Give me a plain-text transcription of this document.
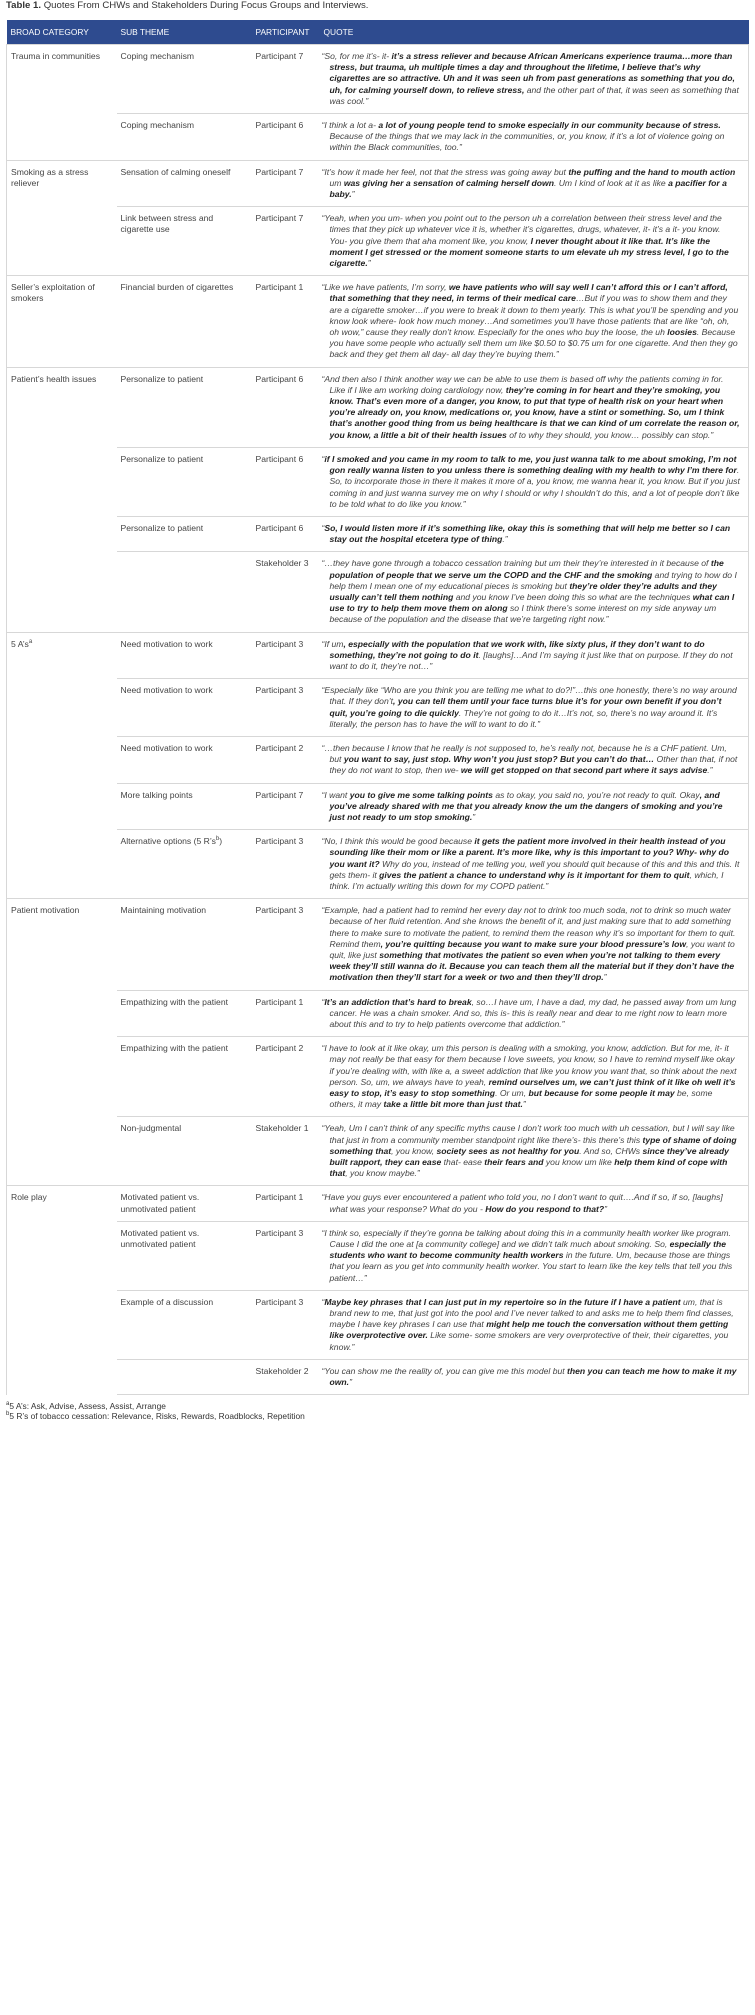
Table 1. Quotes From CHWs and Stakeholders During Focus Groups and Interviews.
BROAD CATEGORY	SUB THEME	PARTICIPANT	QUOTE
Trauma in communities	Coping mechanism	Participant 7	“So, for me it’s- it- it’s a stress reliever and because African Americans experience trauma…more than stress, but trauma, uh multiple times a day and throughout the lifetime, I believe that’s why cigarettes are so attractive. Uh and it was seen uh from past generations as something that you do, uh, for calming yourself down, to relieve stress, and the other part of that, it was seen as something that was cool.”
	Coping mechanism	Participant 6	“I think a lot a- a lot of young people tend to smoke especially in our community because of stress. Because of the things that we may lack in the communities, or, you know, if it’s a lot of violence going on within the Black communities, too.”
Smoking as a stress reliever	Sensation of calming oneself	Participant 7	“It’s how it made her feel, not that the stress was going away but the puffing and the hand to mouth action um was giving her a sensation of calming herself down. Um I kind of look at it as like a pacifier for a baby.”
	Link between stress and cigarette use	Participant 7	“Yeah, when you um- when you point out to the person uh a correlation between their stress level and the times that they pick up whatever vice it is, whether it’s cigarettes, drugs, whatever, it- it’s a it- you know. You- you give them that aha moment like, you know, I never thought about it like that. It’s like the moment I get stressed or the moment someone starts to um elevate uh my stress level, I go to the cigarette.”
Seller’s exploitation of smokers	Financial burden of cigarettes	Participant 1	“Like we have patients, I’m sorry, we have patients who will say well I can’t afford this or I can’t afford, that something that they need, in terms of their medical care…But if you was to show them and they are a cigarette smoker…if you were to break it down to them yearly. This is what you’ll be spending and you know look where- look how much money…And sometimes you’ll have those patients that are like “oh, oh, oh wow,” cause they really don’t know. Especially for the ones who buy the loose, the uh loosies. Because you have some people who actually sell them um like $0.50 to $0.75 um for one cigarette. And then they go back and they get them all day- all day they’re buying them.”
Patient’s health issues	Personalize to patient	Participant 6	“And then also I think another way we can be able to use them is based off why the patients coming in for. Like if I like am working doing cardiology now, they’re coming in for heart and they’re smoking, you know. That’s even more of a danger, you know, to put that type of health risk on your heart when you’re already on, you know, medications or, you know, have a stint or something. So, um I think that’s another good thing from us being healthcare is that we can kind of um correlate the reason or, you know, a little a bit of their health issues of to why they should, you know… possibly can stop.”
	Personalize to patient	Participant 6	“if I smoked and you came in my room to talk to me, you just wanna talk to me about smoking, I’m not gon really wanna listen to you unless there is something dealing with my health to why I’m there for. So, to incorporate those in there it makes it more of a, you know, me wanna hear it, you know. But if you just coming in and just wanna survey me on why I should or why I shouldn’t do this, and a lot of people don’t like to be told what to do like you know.”
	Personalize to patient	Participant 6	“So, I would listen more if it’s something like, okay this is something that will help me better so I can stay out the hospital etcetera type of thing.”
		Stakeholder 3	“…they have gone through a tobacco cessation training but um their they’re interested in it because of the population of people that we serve um the COPD and the CHF and the smoking and trying to how do I help them I mean one of my educational pieces is smoking but they’re older they’re adults and they usually can’t tell them nothing and you know I’ve been doing this so what are the techniques what can I use to try to help them move them on along so I think there’s some interest on my side anyway um because of the population and the disease that we’re targeting right now.”
5 $A’s^a$	Need motivation to work	Participant 3	“If um, especially with the population that we work with, like sixty plus, if they don’t want to do something, they’re not going to do it. [laughs]…And I’m saying it just like that on purpose. If they do not want to do it, they’re not…”
	Need motivation to work	Participant 3	“Especially like “Who are you think you are telling me what to do?!”…this one honestly, there’s no way around that. If they don’t, you can tell them until your face turns blue it’s for your own benefit if you don’t quit, you’re going to die quickly. They’re not going to do it…It’s not, so, there’s no way around it. It’s literally, the person has to have the will to want to do it.”
	Need motivation to work	Participant 2	“…then because I know that he really is not supposed to, he’s really not, because he is a CHF patient. Um, but you want to say, just stop. Why won’t you just stop? But you can’t do that… Other than that, if not they do not want to stop, then we- we will get stopped on that second part where it says advise.”
	More talking points	Participant 7	“I want you to give me some talking points as to okay, you said no, you’re not ready to quit. Okay, and you’ve already shared with me that you already know the um the dangers of smoking and you’re just not ready to um stop smoking.”
	Alternative options (5 $R’s^b$)	Participant 3	“No, I think this would be good because it gets the patient more involved in their health instead of you sounding like their mom or like a parent. It’s more like, why is this important to you? Why- why do you want it? Why do you, instead of me telling you, well you should quit because of this and this and this. It gets them- it gives the patient a chance to understand why is it important for them to quit, which, I think. I’m actually writing this down for my COPD patient.”
Patient motivation	Maintaining motivation	Participant 3	“Example, had a patient had to remind her every day not to drink too much soda, not to drink so much water because of her fluid retention. And she knows the benefit of it, and just making sure that to add something there to make sure to motivate the patient, to remind them the reason why it’s so important for them to quit. Remind them, you’re quitting because you want to make sure your blood pressure’s low, you want to quit, like just something that motivates the patient so even when you’re not talking to them every week they’ll still wanna do it. Because you can teach them all the material but if they don’t have the motivation then they’ll start for a week or two and then they’ll drop.”
	Empathizing with the patient	Participant 1	“It’s an addiction that’s hard to break, so…I have um, I have a dad, my dad, he passed away from um lung cancer. He was a chain smoker. And so, this is- this is really near and dear to me right now to learn more about this and to try to help patients overcome that addiction.”
	Empathizing with the patient	Participant 2	“I have to look at it like okay, um this person is dealing with a smoking, you know, addiction. But for me, it- it may not really be that easy for them because I love sweets, you know, so I have to remind myself like okay if you’re dealing with, with like a, a sweet addiction that like you know you want that, so think about the next person. So, um, we always have to yeah, remind ourselves um, we can’t just think of it like oh well it’s easy to stop, it’s easy to stop something. Or um, but because for some people it may be, some others, it may take a little bit more than just that.”
	Non-judgmental	Stakeholder 1	“Yeah, Um I can’t think of any specific myths cause I don’t work too much with uh cessation, but I will say like that just in from a community member standpoint right like there’s- this there’s this type of shame of doing something that, you know, society sees as not healthy for you. And so, CHWs since they’ve already built rapport, they can ease that- ease their fears and you know um like help them kind of cope with that, you know maybe.”
Role play	Motivated patient vs. unmotivated patient	Participant 1	“Have you guys ever encountered a patient who told you, no I don’t want to quit….And if so, if so, [laughs] what was your response? What do you - How do you respond to that?”
	Motivated patient vs. unmotivated patient	Participant 3	“I think so, especially if they’re gonna be talking about doing this in a community health worker like program. Cause I did the one at [a community college] and we didn’t talk much about smoking. So, especially the students who want to become community health workers in the future. Um, because those are things that you learn as you get into community health worker. You start to learn like the key tells that tell you this patient…”
	Example of a discussion	Participant 3	“Maybe key phrases that I can just put in my repertoire so in the future if I have a patient um, that is brand new to me, that just got into the pool and I’ve never talked to and asks me to help them find classes, maybe I have key phrases I can use that might help me touch the conversation without them getting like overprotective over. Like some- some smokers are very overprotective of their, their cigarettes, you know.”
		Stakeholder 2	“You can show me the reality of, you can give me this model but then you can teach me how to make it my own.”
$^a$5 A’s: Ask, Advise, Assess, Assist, Arrange
$^b$5 R’s of tobacco cessation: Relevance, Risks, Rewards, Roadblocks, Repetition
